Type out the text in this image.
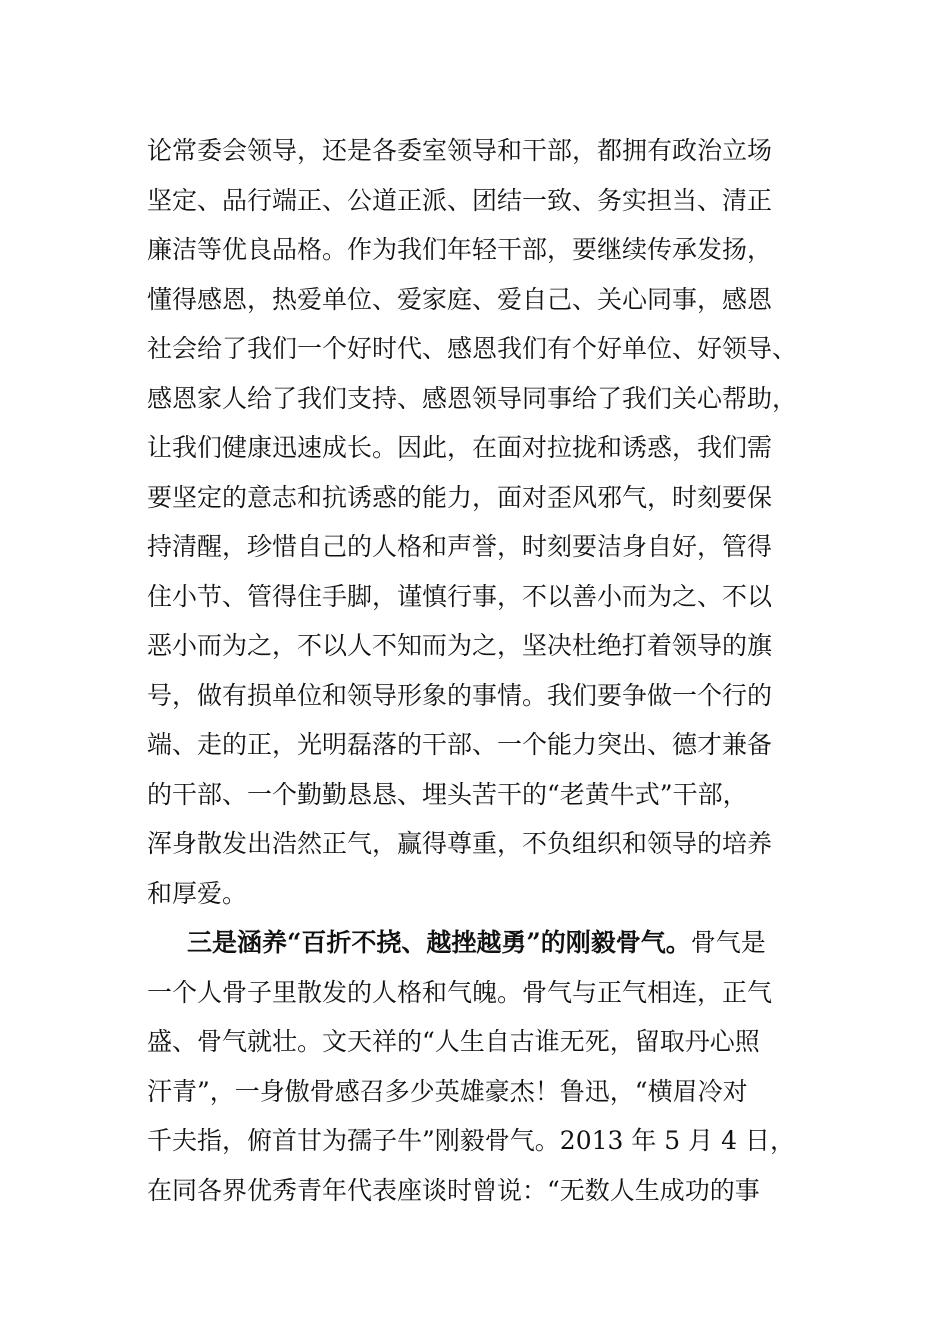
论常委会领导，还是各委室领导和干部，都拥有政治立场
坚定、品行端正、公道正派、团结一致、务实担当、清正
廉洁等优良品格。作为我们年轻干部，要继续传承发扬，
懂得感恩，热爱单位、爱家庭、爱自己、关心同事，感恩
社会给了我们一个好时代、感恩我们有个好单位、好领导、
感恩家人给了我们支持、感恩领导同事给了我们关心帮助，
让我们健康迅速成长。因此，在面对拉拢和诱惑，我们需
要坚定的意志和抗诱惑的能力，面对歪风邪气，时刻要保
持清醒，珍惜自己的人格和声誉，时刻要洁身自好，管得
住小节、管得住手脚，谨慎行事，不以善小而为之、不以
恶小而为之，不以人不知而为之，坚决杜绝打着领导的旗
号，做有损单位和领导形象的事情。我们要争做一个行的
端、走的正，光明磊落的干部、一个能力突出、德才兼备
的干部、一个勤勤恳恳、埋头苦干的“老黄牛式”干部，
浑身散发出浩然正气，赢得尊重，不负组织和领导的培养
和厚爱。
三是涵养“百折不挠、越挫越勇”的刚毅骨气。骨气是
一个人骨子里散发的人格和气魄。骨气与正气相连，正气
盛、骨气就壮。文天祥的“人生自古谁无死，留取丹心照
汗青”，一身傲骨感召多少英雄豪杰！鲁迅，“横眉冷对
千夫指，俯首甘为孺子牛”刚毅骨气。2013 年 5 月 4 日，
在同各界优秀青年代表座谈时曾说：“无数人生成功的事
